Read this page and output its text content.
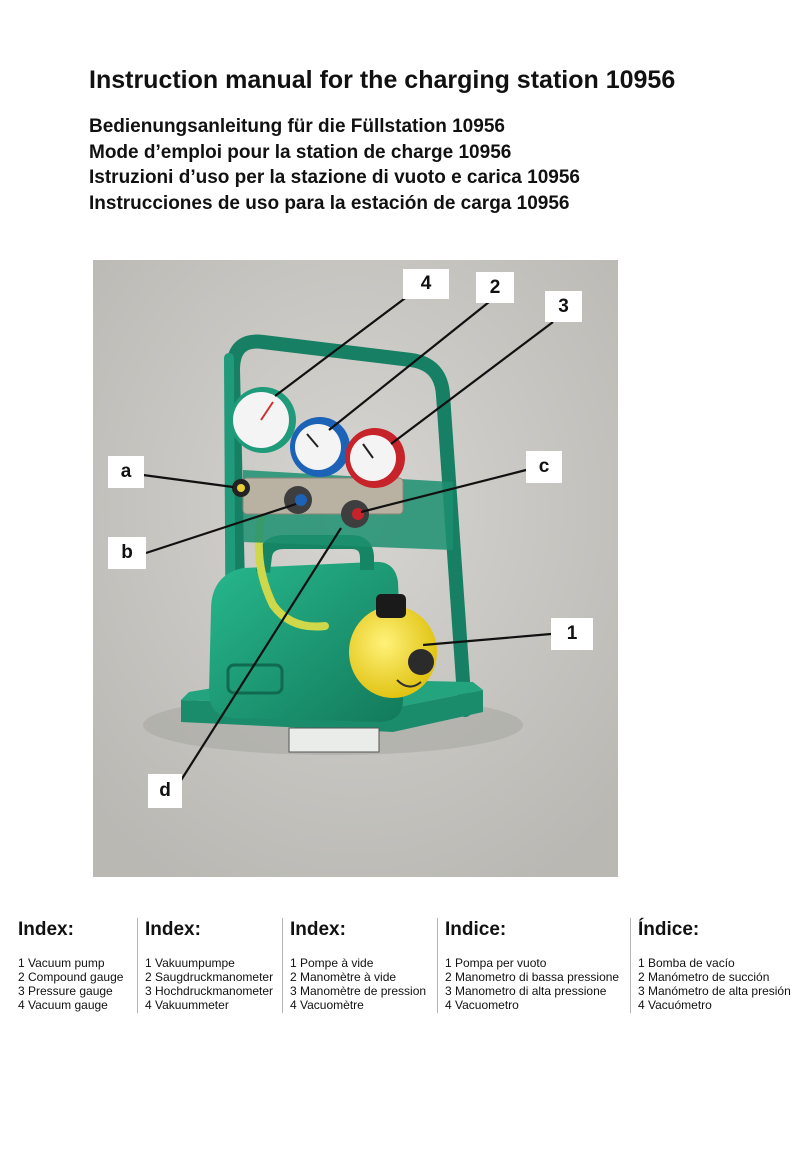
Instruction manual for the charging station 10956
Bedienungsanleitung für die Füllstation 10956
Mode d’emploi pour la station de charge 10956
Istruzioni d’uso per la stazione di vuoto e carica 10956
Instrucciones de uso para la estación de carga 10956
4	2
3
a	c
b
1
d
Index:
1 Vacuum pump
2 Compound gauge
3 Pressure gauge
4 Vacuum gauge
Index:
1 Vakuumpumpe
2 Saugdruckmanometer
3 Hochdruckmanometer
4 Vakuummeter
Index:
1 Pompe à vide
2 Manomètre à vide
3 Manomètre de pression
4 Vacuomètre
Indice:
1 Pompa per vuoto
2 Manometro di bassa pressione
3 Manometro di alta pressione
4 Vacuometro
Índice:
1 Bomba de vacío
2 Manómetro de succión
3 Manómetro de alta presión
4 Vacuómetro
